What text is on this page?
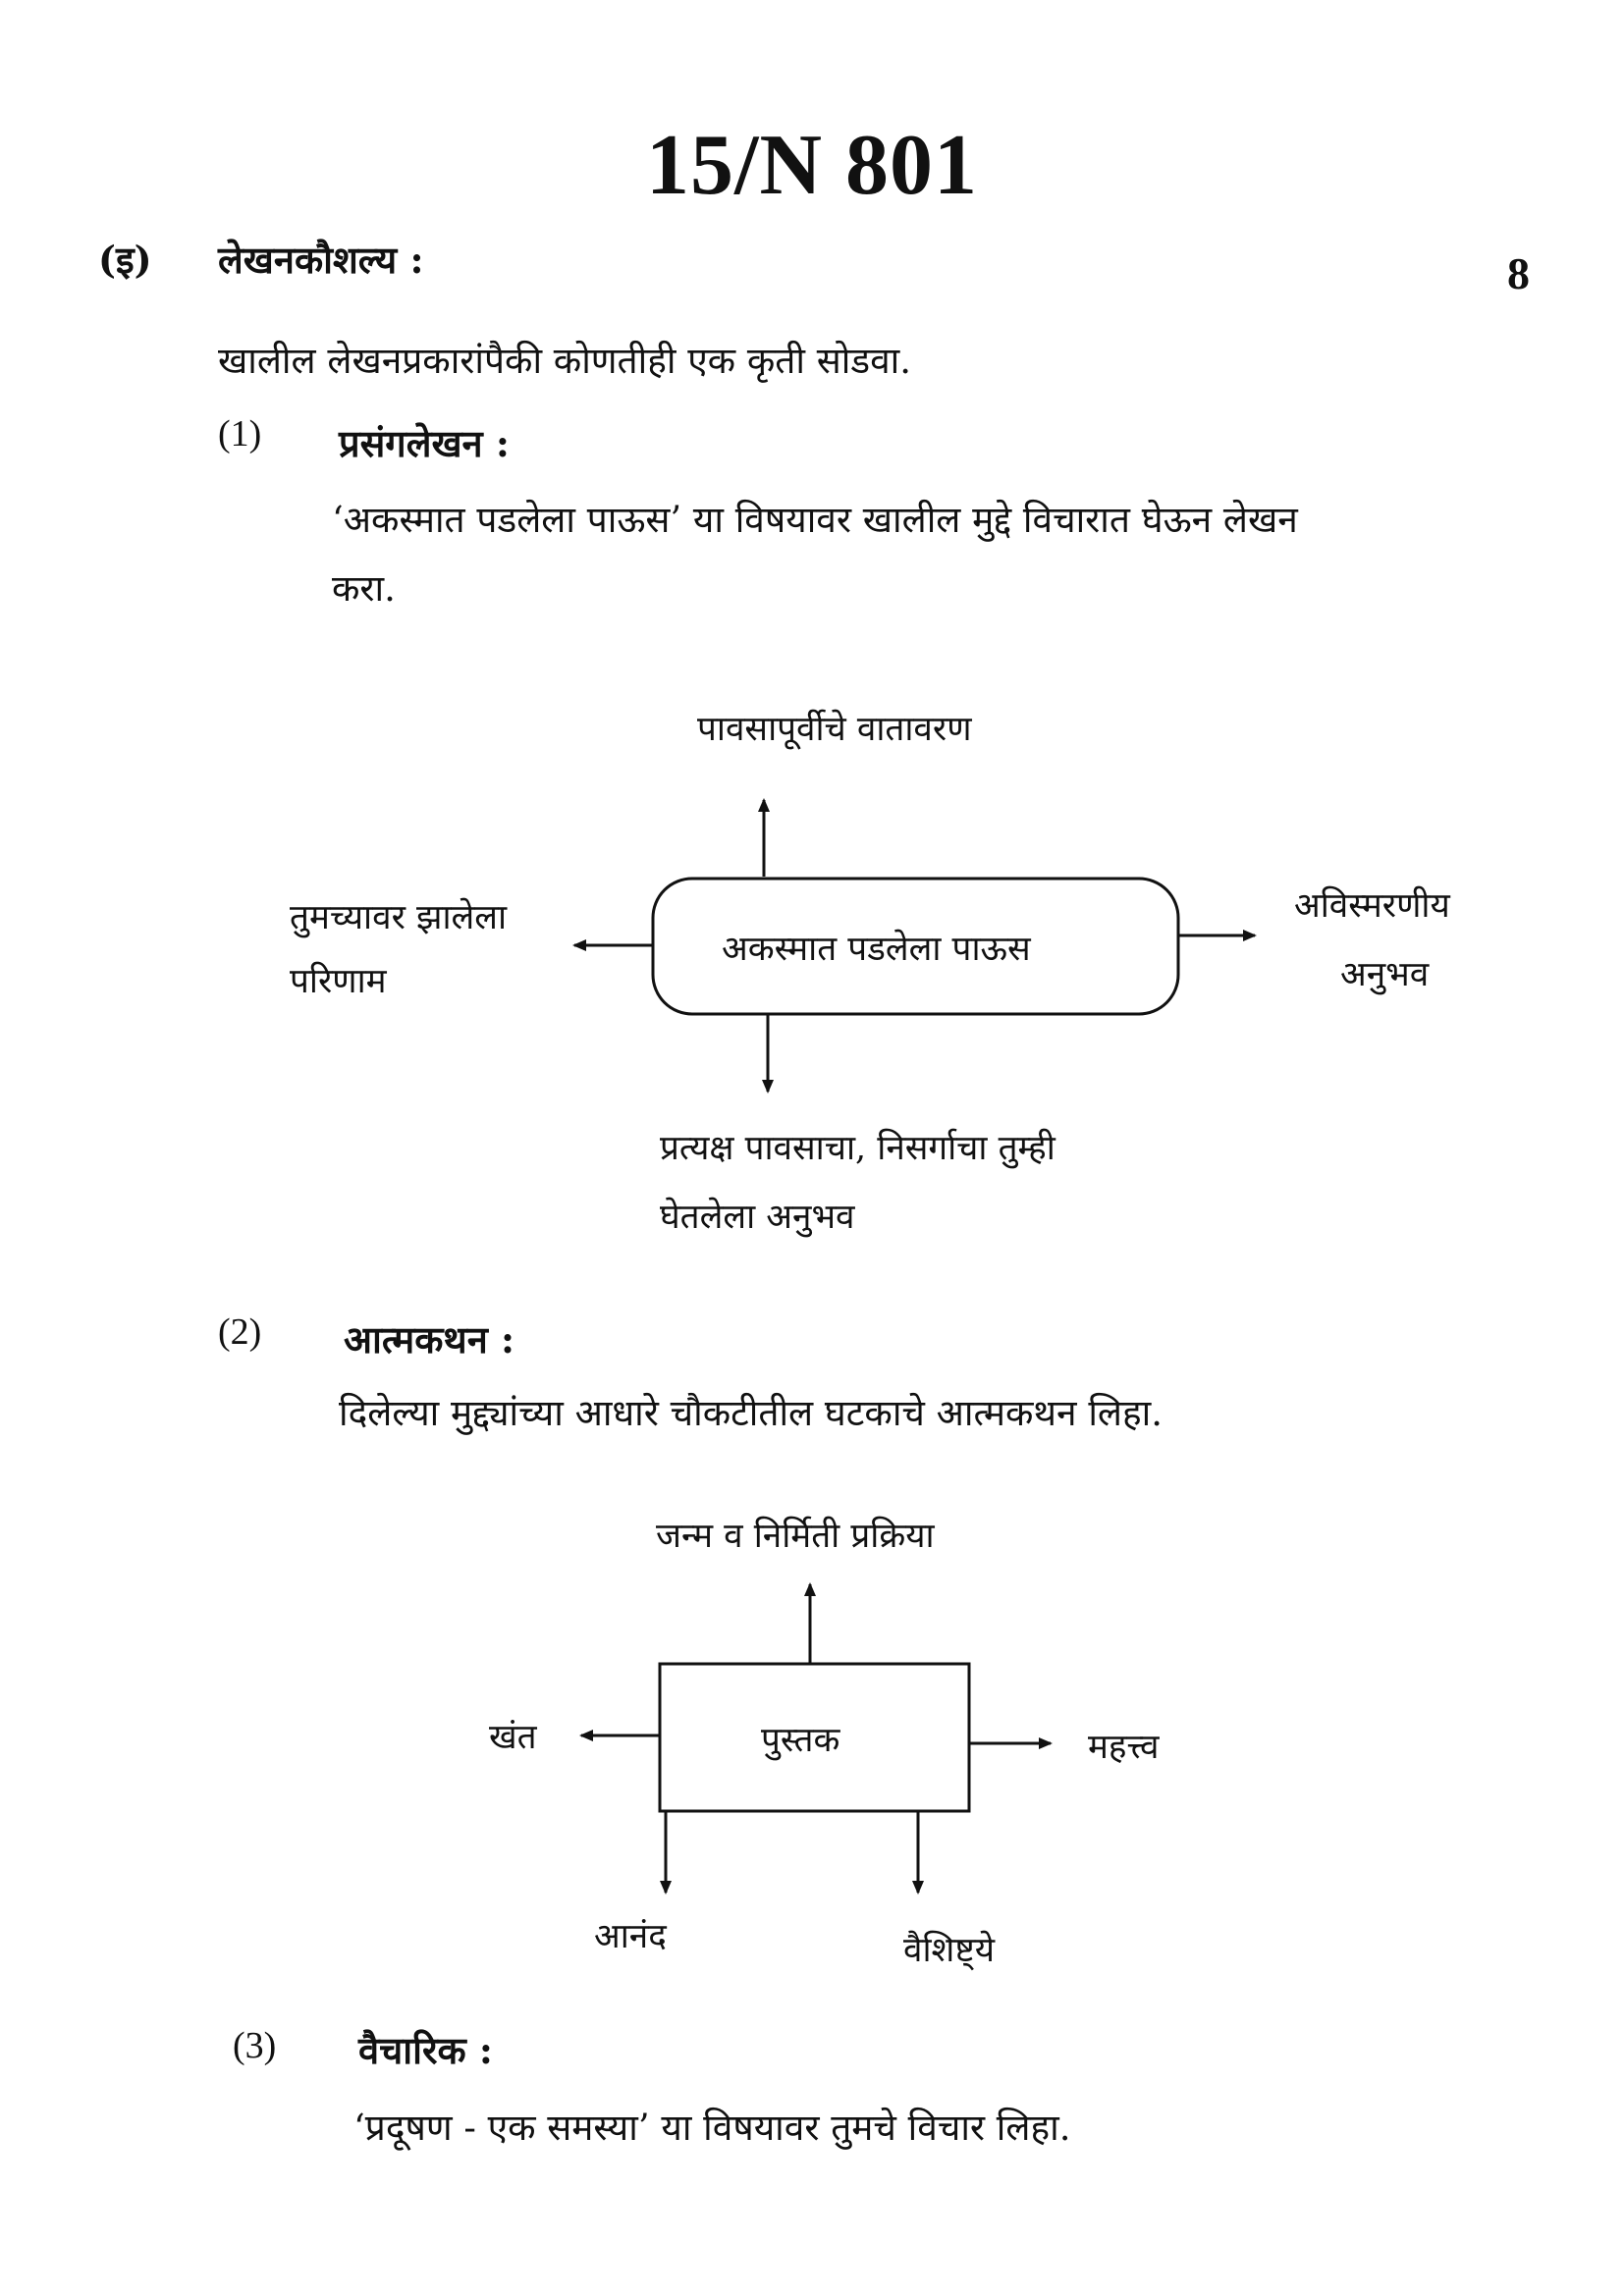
15/N 801
(इ) लेखनकौशल्य :	8
खालील लेखनप्रकारांपैकी कोणतीही एक कृती सोडवा.
(1) प्रसंगलेखन :
‘अकस्मात पडलेला पाऊस’ या विषयावर खालील मुद्दे विचारात घेऊन लेखन
करा.
पावसापूर्वीचे वातावरण
अकस्मात पडलेला पाऊस
तुमच्यावर झालेला
परिणाम
अविस्मरणीय
अनुभव
प्रत्यक्ष पावसाचा, निसर्गाचा तुम्ही
घेतलेला अनुभव
(2) आत्मकथन :
दिलेल्या मुद्द्यांच्या आधारे चौकटीतील घटकाचे आत्मकथन लिहा.
जन्म व निर्मिती प्रक्रिया
पुस्तक
खंत	महत्त्व
आनंद	वैशिष्ट्ये
(3) वैचारिक :
‘प्रदूषण - एक समस्या’ या विषयावर तुमचे विचार लिहा.
